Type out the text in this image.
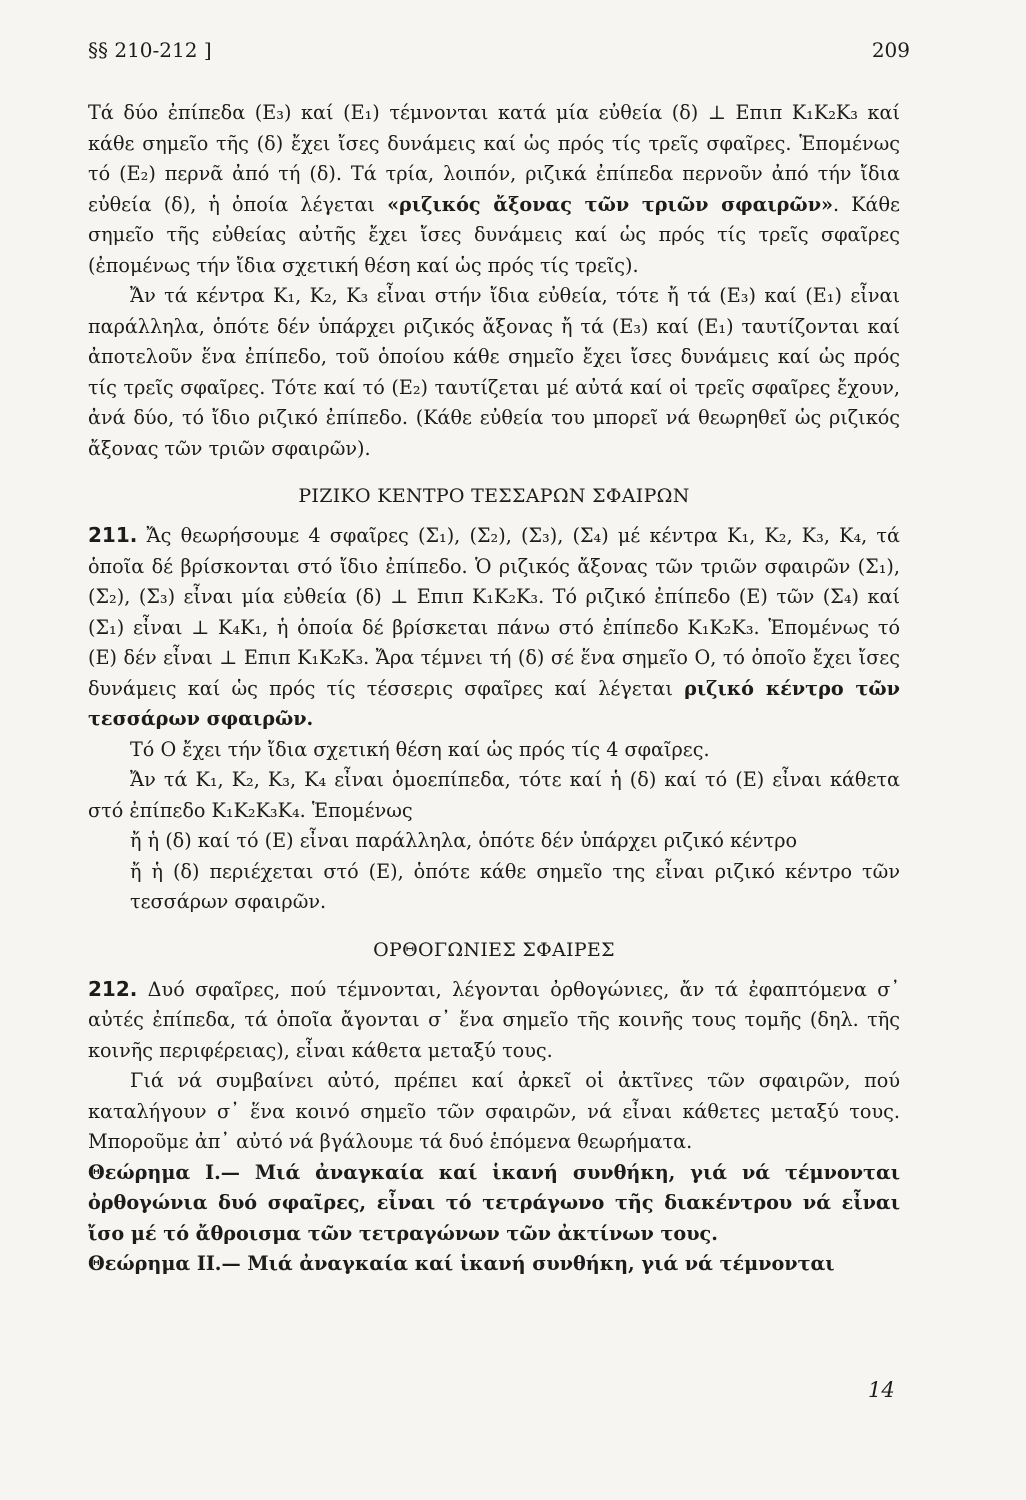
§§ 210-212 ]	209

Τά δύο ἐπίπεδα (Ε₃) καί (Ε₁) τέμνονται κατά μία εὐθεία (δ) ⊥ Επιπ Κ₁Κ₂Κ₃ καί κάθε σημεῖο τῆς (δ) ἔχει ἴσες δυνάμεις καί ὡς πρός τίς τρεῖς σφαῖρες. Ἑπομένως τό (Ε₂) περνᾶ ἀπό τή (δ). Τά τρία, λοιπόν, ριζικά ἐπίπεδα περνοῦν ἀπό τήν ἴδια εὐθεία (δ), ἡ ὁποία λέγεται «ριζικός ἄξονας τῶν τριῶν σφαιρῶν». Κάθε σημεῖο τῆς εὐθείας αὐτῆς ἔχει ἴσες δυνάμεις καί ὡς πρός τίς τρεῖς σφαῖρες (ἐπομένως τήν ἴδια σχετική θέση καί ὡς πρός τίς τρεῖς).

Ἄν τά κέντρα Κ₁, Κ₂, Κ₃ εἶναι στήν ἴδια εὐθεία, τότε ἤ τά (Ε₃) καί (Ε₁) εἶναι παράλληλα, ὁπότε δέν ὑπάρχει ριζικός ἄξονας ἤ τά (Ε₃) καί (Ε₁) ταυτίζονται καί ἀποτελοῦν ἕνα ἐπίπεδο, τοῦ ὁποίου κάθε σημεῖο ἔχει ἴσες δυνάμεις καί ὡς πρός τίς τρεῖς σφαῖρες. Τότε καί τό (Ε₂) ταυτίζεται μέ αὐτά καί οἱ τρεῖς σφαῖρες ἔχουν, ἀνά δύο, τό ἴδιο ριζικό ἐπίπεδο. (Κάθε εὐθεία του μπορεῖ νά θεωρηθεῖ ὡς ριζικός ἄξονας τῶν τριῶν σφαιρῶν).

ΡΙΖΙΚΟ ΚΕΝΤΡΟ ΤΕΣΣΑΡΩΝ ΣΦΑΙΡΩΝ

211. Ἄς θεωρήσουμε 4 σφαῖρες (Σ₁), (Σ₂), (Σ₃), (Σ₄) μέ κέντρα Κ₁, Κ₂, Κ₃, Κ₄, τά ὁποῖα δέ βρίσκονται στό ἴδιο ἐπίπεδο. Ὁ ριζικός ἄξονας τῶν τριῶν σφαιρῶν (Σ₁), (Σ₂), (Σ₃) εἶναι μία εὐθεία (δ) ⊥ Επιπ Κ₁Κ₂Κ₃. Τό ριζικό ἐπίπεδο (Ε) τῶν (Σ₄) καί (Σ₁) εἶναι ⊥ Κ₄Κ₁, ἡ ὁποία δέ βρίσκεται πάνω στό ἐπίπεδο Κ₁Κ₂Κ₃. Ἑπομένως τό (Ε) δέν εἶναι ⊥ Επιπ Κ₁Κ₂Κ₃. Ἄρα τέμνει τή (δ) σέ ἕνα σημεῖο Ο, τό ὁποῖο ἔχει ἴσες δυνάμεις καί ὡς πρός τίς τέσσερις σφαῖρες καί λέγεται ριζικό κέντρο τῶν τεσσάρων σφαιρῶν.

Τό Ο ἔχει τήν ἴδια σχετική θέση καί ὡς πρός τίς 4 σφαῖρες.

Ἄν τά Κ₁, Κ₂, Κ₃, Κ₄ εἶναι ὁμοεπίπεδα, τότε καί ἡ (δ) καί τό (Ε) εἶναι κάθετα στό ἐπίπεδο Κ₁Κ₂Κ₃Κ₄. Ἑπομένως

ἤ ἡ (δ) καί τό (Ε) εἶναι παράλληλα, ὁπότε δέν ὑπάρχει ριζικό κέντρο

ἤ ἡ (δ) περιέχεται στό (Ε), ὁπότε κάθε σημεῖο της εἶναι ριζικό κέντρο τῶν τεσσάρων σφαιρῶν.

ΟΡΘΟΓΩΝΙΕΣ ΣΦΑΙΡΕΣ

212. Δυό σφαῖρες, πού τέμνονται, λέγονται ὀρθογώνιες, ἄν τά ἐφαπτόμενα σ᾽ αὐτές ἐπίπεδα, τά ὁποῖα ἄγονται σ᾽ ἕνα σημεῖο τῆς κοινῆς τους τομῆς (δηλ. τῆς κοινῆς περιφέρειας), εἶναι κάθετα μεταξύ τους.

Γιά νά συμβαίνει αὐτό, πρέπει καί ἀρκεῖ οἱ ἀκτῖνες τῶν σφαιρῶν, πού καταλήγουν σ᾽ ἕνα κοινό σημεῖο τῶν σφαιρῶν, νά εἶναι κάθετες μεταξύ τους. Μποροῦμε ἀπ᾽ αὐτό νά βγάλουμε τά δυό ἑπόμενα θεωρήματα.

Θεώρημα Ι.— Μιά ἀναγκαία καί ἱκανή συνθήκη, γιά νά τέμνονται ὀρθογώνια δυό σφαῖρες, εἶναι τό τετράγωνο τῆς διακέντρου νά εἶναι ἴσο μέ τό ἄθροισμα τῶν τετραγώνων τῶν ἀκτίνων τους.

Θεώρημα ΙΙ.— Μιά ἀναγκαία καί ἱκανή συνθήκη, γιά νά τέμνονται

14
